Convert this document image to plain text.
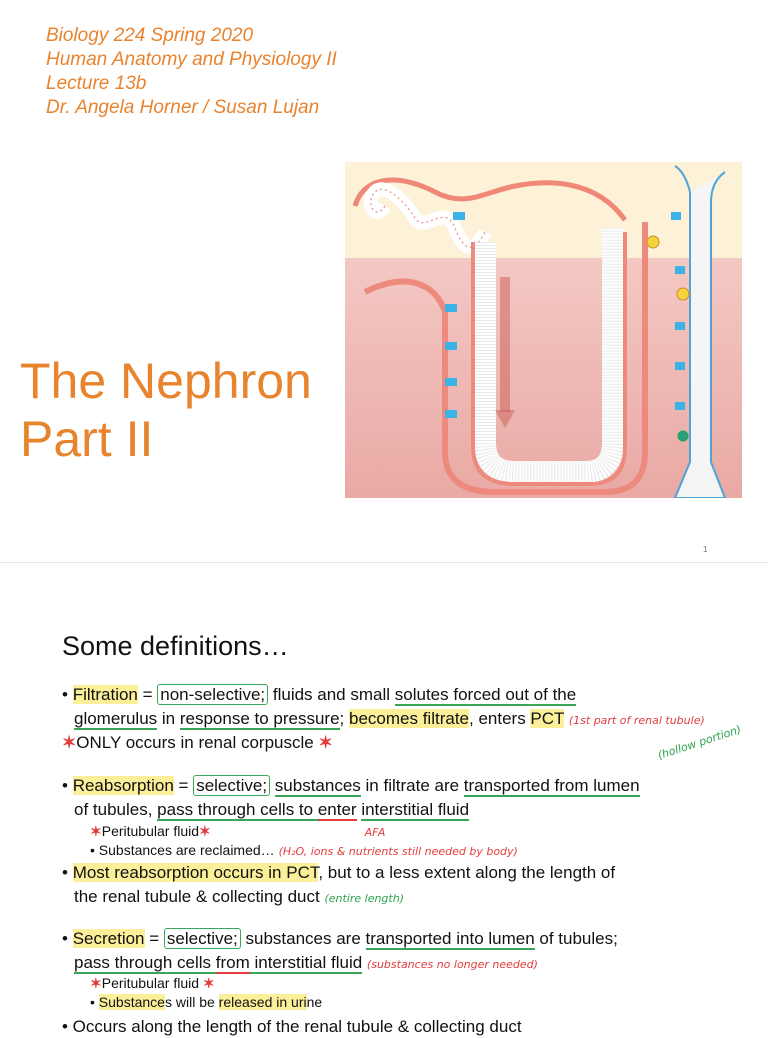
Biology 224 Spring 2020
Human Anatomy and Physiology II
Lecture 13b
Dr. Angela Horner / Susan Lujan
The Nephron
Part II
1
Some definitions…
• Filtration = non-selective; fluids and small solutes forced out of the
glomerulus in response to pressure; becomes filtrate, enters PCT (1st part of renal tubule)
✶ONLY occurs in renal corpuscle ✶	(hollow portion)
• Reabsorption = selective; substances in filtrate are transported from lumen
of tubules, pass through cells to enter interstitial fluid
✶Peritubular fluid✶	AFA
• Substances are reclaimed… (H₂O, ions & nutrients still needed by body)
• Most reabsorption occurs in PCT, but to a less extent along the length of
the renal tubule & collecting duct (entire length)
• Secretion = selective; substances are transported into lumen of tubules;
pass through cells from interstitial fluid (substances no longer needed)
✶Peritubular fluid ✶
• Substances will be released in urine
• Occurs along the length of the renal tubule & collecting duct
